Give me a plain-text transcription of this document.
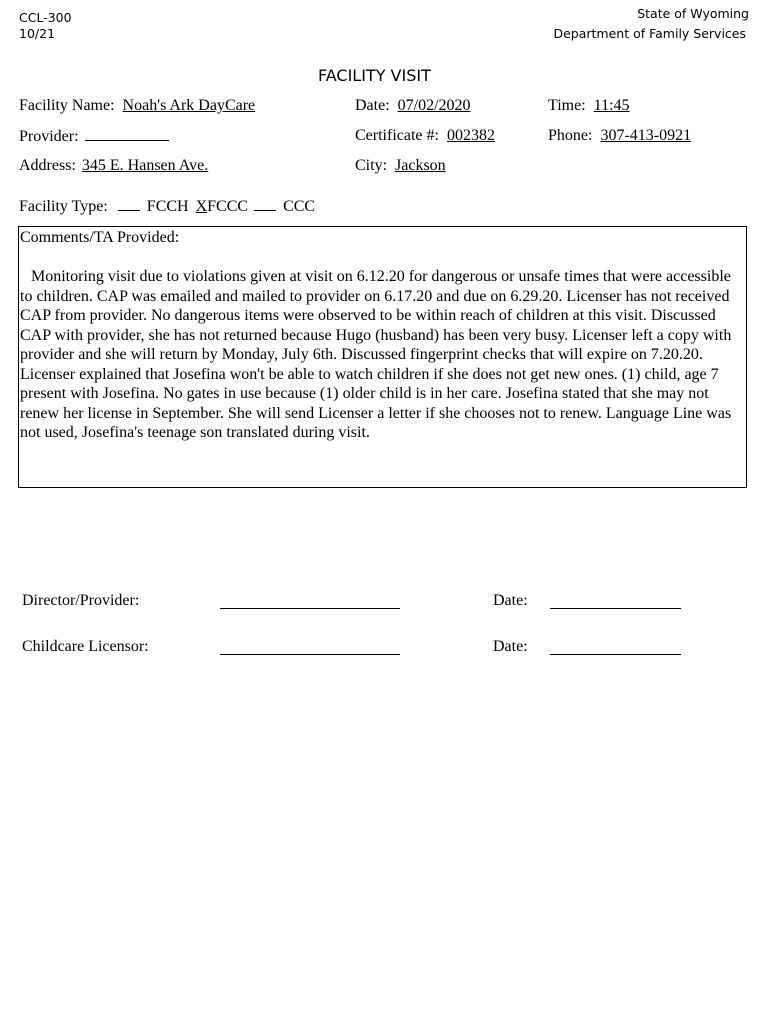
CCL-300
10/21
State of Wyoming
Department of Family Services
FACILITY VISIT
Facility Name: Noah's Ark DayCare	Date: 07/02/2020	Time: 11:45
Provider:	Certificate #: 002382	Phone: 307-413-0921
Address: 345 E. Hansen Ave.	City: Jackson
Facility Type: FCCH XFCCC CCC
Comments/TA Provided:
Monitoring visit due to violations given at visit on 6.12.20 for dangerous or unsafe times that were accessible to children. CAP was emailed and mailed to provider on 6.17.20 and due on 6.29.20. Licenser has not received CAP from provider. No dangerous items were observed to be within reach of children at this visit. Discussed CAP with provider, she has not returned because Hugo (husband) has been very busy. Licenser left a copy with provider and she will return by Monday, July 6th. Discussed fingerprint checks that will expire on 7.20.20. Licenser explained that Josefina won't be able to watch children if she does not get new ones. (1) child, age 7 present with Josefina. No gates in use because (1) older child is in her care. Josefina stated that she may not renew her license in September. She will send Licenser a letter if she chooses not to renew. Language Line was not used, Josefina's teenage son translated during visit.
Director/Provider:	Date:
Childcare Licensor:	Date:
